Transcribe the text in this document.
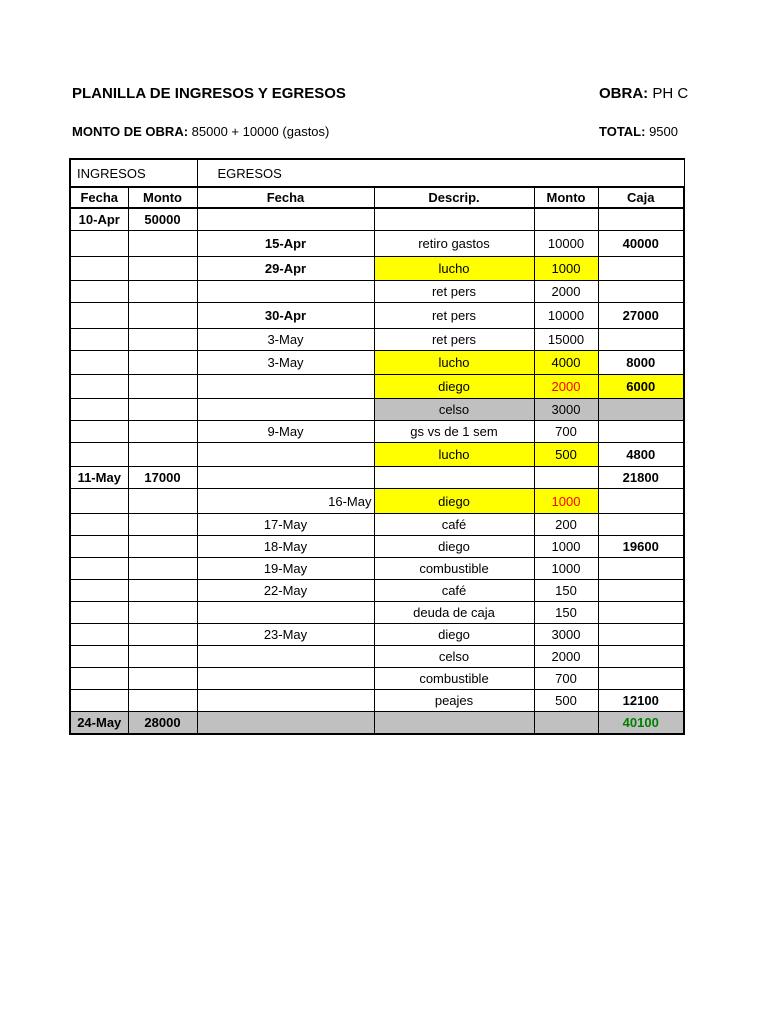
PLANILLA DE INGRESOS Y EGRESOS	OBRA: PH C
MONTO DE OBRA: 85000 + 10000 (gastos)	TOTAL: 9500
INGRESOS		EGRESOS			
Fecha	Monto	Fecha	Descrip.	Monto	Caja
10-Apr	50000				
		15-Apr	retiro gastos	10000	40000
		29-Apr	lucho	1000	
			ret pers	2000	
		30-Apr	ret pers	10000	27000
		3-May	ret pers	15000	
		3-May	lucho	4000	8000
			diego	2000	6000
			celso	3000	
		9-May	gs vs de 1 sem	700	
			lucho	500	4800
11-May	17000				21800
		16-May	diego	1000	
		17-May	café	200	
		18-May	diego	1000	19600
		19-May	combustible	1000	
		22-May	café	150	
			deuda de caja	150	
		23-May	diego	3000	
			celso	2000	
			combustible	700	
			peajes	500	12100
24-May	28000				40100
